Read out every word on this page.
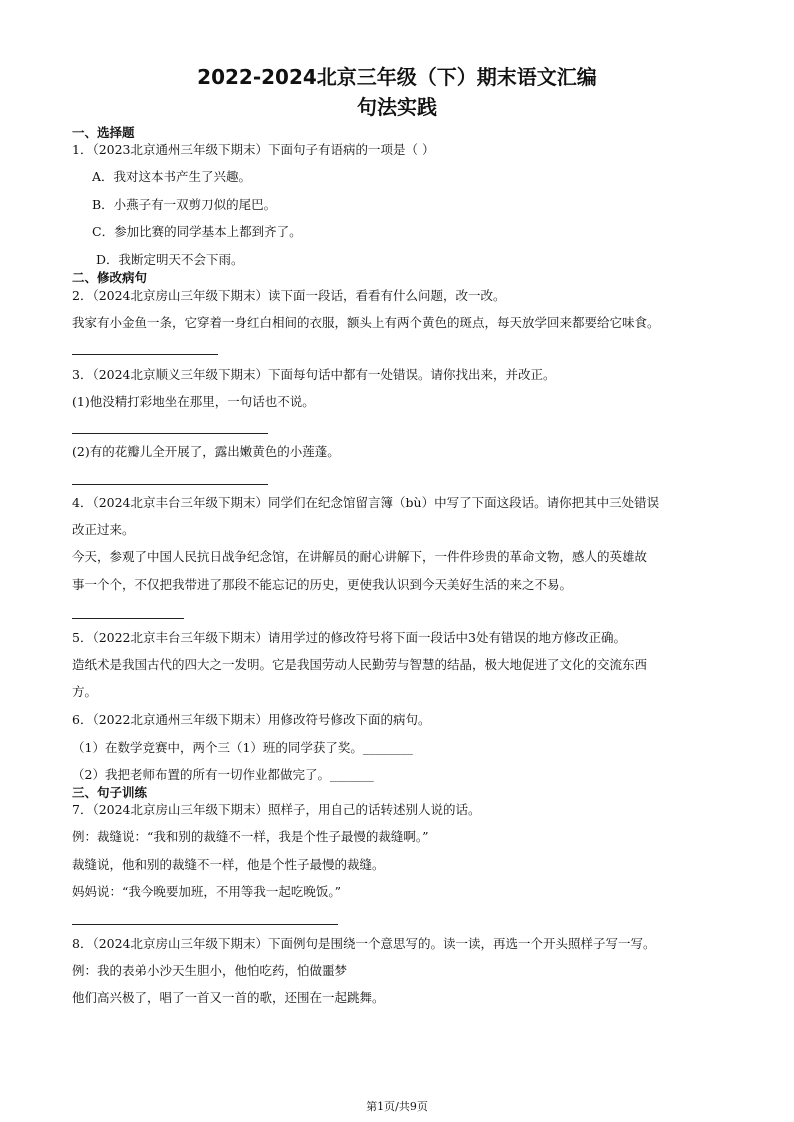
2022-2024北京三年级（下）期末语文汇编
句法实践
一、选择题
1．（2023北京通州三年级下期末）下面句子有语病的一项是（ ）
A．我对这本书产生了兴趣。
B．小燕子有一双剪刀似的尾巴。
C．参加比赛的同学基本上都到齐了。
D．我断定明天不会下雨。
二、修改病句
2．（2024北京房山三年级下期末）读下面一段话，看看有什么问题，改一改。
我家有小金鱼一条，它穿着一身红白相间的衣服，额头上有两个黄色的斑点，每天放学回来都要给它味食。
3．（2024北京顺义三年级下期末）下面每句话中都有一处错误。请你找出来，并改正。
(1)他没精打彩地坐在那里，一句话也不说。
(2)有的花瓣儿全开展了，露出嫩黄色的小莲蓬。
4．（2024北京丰台三年级下期末）同学们在纪念馆留言簿（bù）中写了下面这段话。请你把其中三处错误
改正过来。
今天，参观了中国人民抗日战争纪念馆，在讲解员的耐心讲解下，一件件珍贵的革命文物，感人的英雄故
事一个个，不仅把我带进了那段不能忘记的历史，更使我认识到今天美好生活的来之不易。
5．（2022北京丰台三年级下期末）请用学过的修改符号将下面一段话中3处有错误的地方修改正确。
造纸术是我国古代的四大之一发明。它是我国劳动人民勤劳与智慧的结晶，极大地促进了文化的交流东西
方。
6．（2022北京通州三年级下期末）用修改符号修改下面的病句。
（1）在数学竞赛中，两个三（1）班的同学获了奖。________
（2）我把老师布置的所有一切作业都做完了。_______
三、句子训练
7．（2024北京房山三年级下期末）照样子，用自己的话转述别人说的话。
例：裁缝说：“我和别的裁缝不一样，我是个性子最慢的裁缝啊。”
裁缝说，他和别的裁缝不一样，他是个性子最慢的裁缝。
妈妈说：“我今晚要加班，不用等我一起吃晚饭。”
8．（2024北京房山三年级下期末）下面例句是围绕一个意思写的。读一读，再选一个开头照样子写一写。
例：我的表弟小沙天生胆小，他怕吃药，怕做噩梦
他们高兴极了，唱了一首又一首的歌，还围在一起跳舞。
第1页/共9页
